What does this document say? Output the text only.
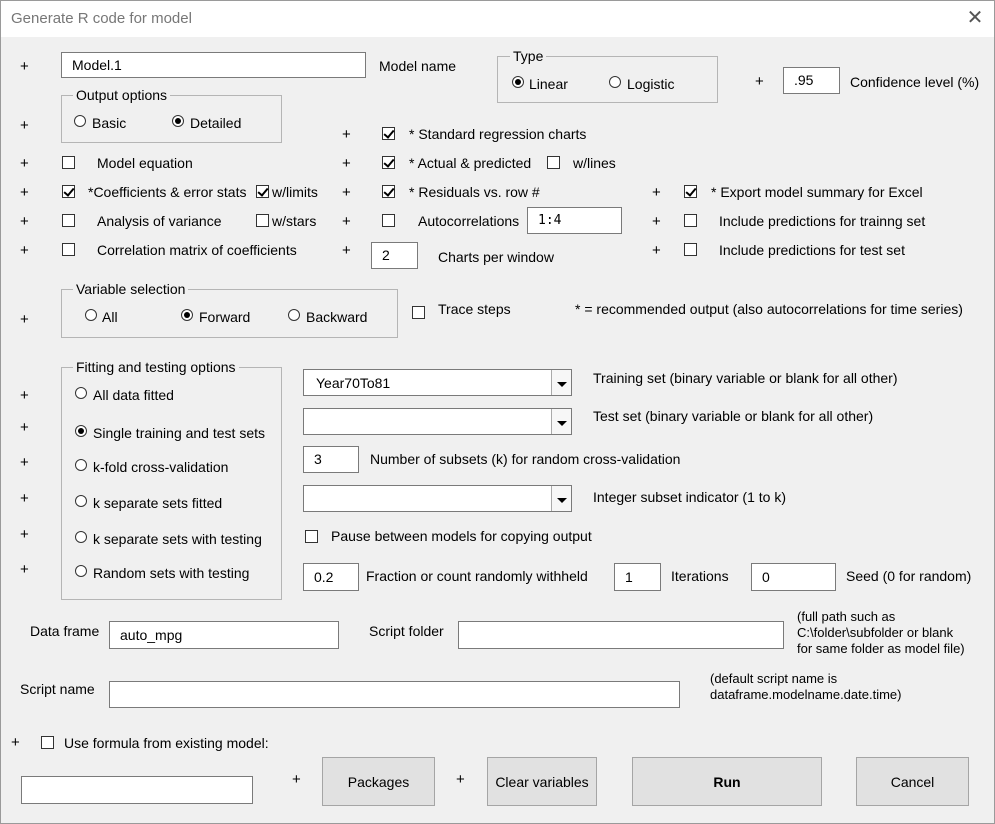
Generate R code for model	✕
+	Model.1	Model name
Type
Linear	Logistic	+	.95	Confidence level (%)
Output options
+	Basic	Detailed
+	* Standard regression charts
+	Model equation	+	* Actual & predicted	w/lines
+	*Coefficients & error stats w/limits +	* Residuals vs. row #	+	* Export model summary for Excel
+	Analysis of variance	w/stars +	Autocorrelations	1:4	+	Include predictions for trainng set
+	Correlation matrix of coefficients	+	2	Charts per window	+	Include predictions for test set
Variable selection
+	All	Forward	Backward	Trace steps	* = recommended output (also autocorrelations for time series)
Fitting and testing options
+	All data fitted
+	Single training and test sets
+	k-fold cross-validation
+	k separate sets fitted
+	k separate sets with testing
+	Random sets with testing
Year70To81	Training set (binary variable or blank for all other)
Test set (binary variable or blank for all other)
3	Number of subsets (k) for random cross-validation
Integer subset indicator (1 to k)
Pause between models for copying output
0.2	Fraction or count randomly withheld	1	Iterations	0	Seed (0 for random)
Data frame	auto_mpg	Script folder
(full path such as
C:\folder\subfolder or blank
for same folder as model file)
Script name
(default script name is
dataframe.modelname.date.time)
+	Use formula from existing model:
+	Packages	+	Clear variables	Run	Cancel
